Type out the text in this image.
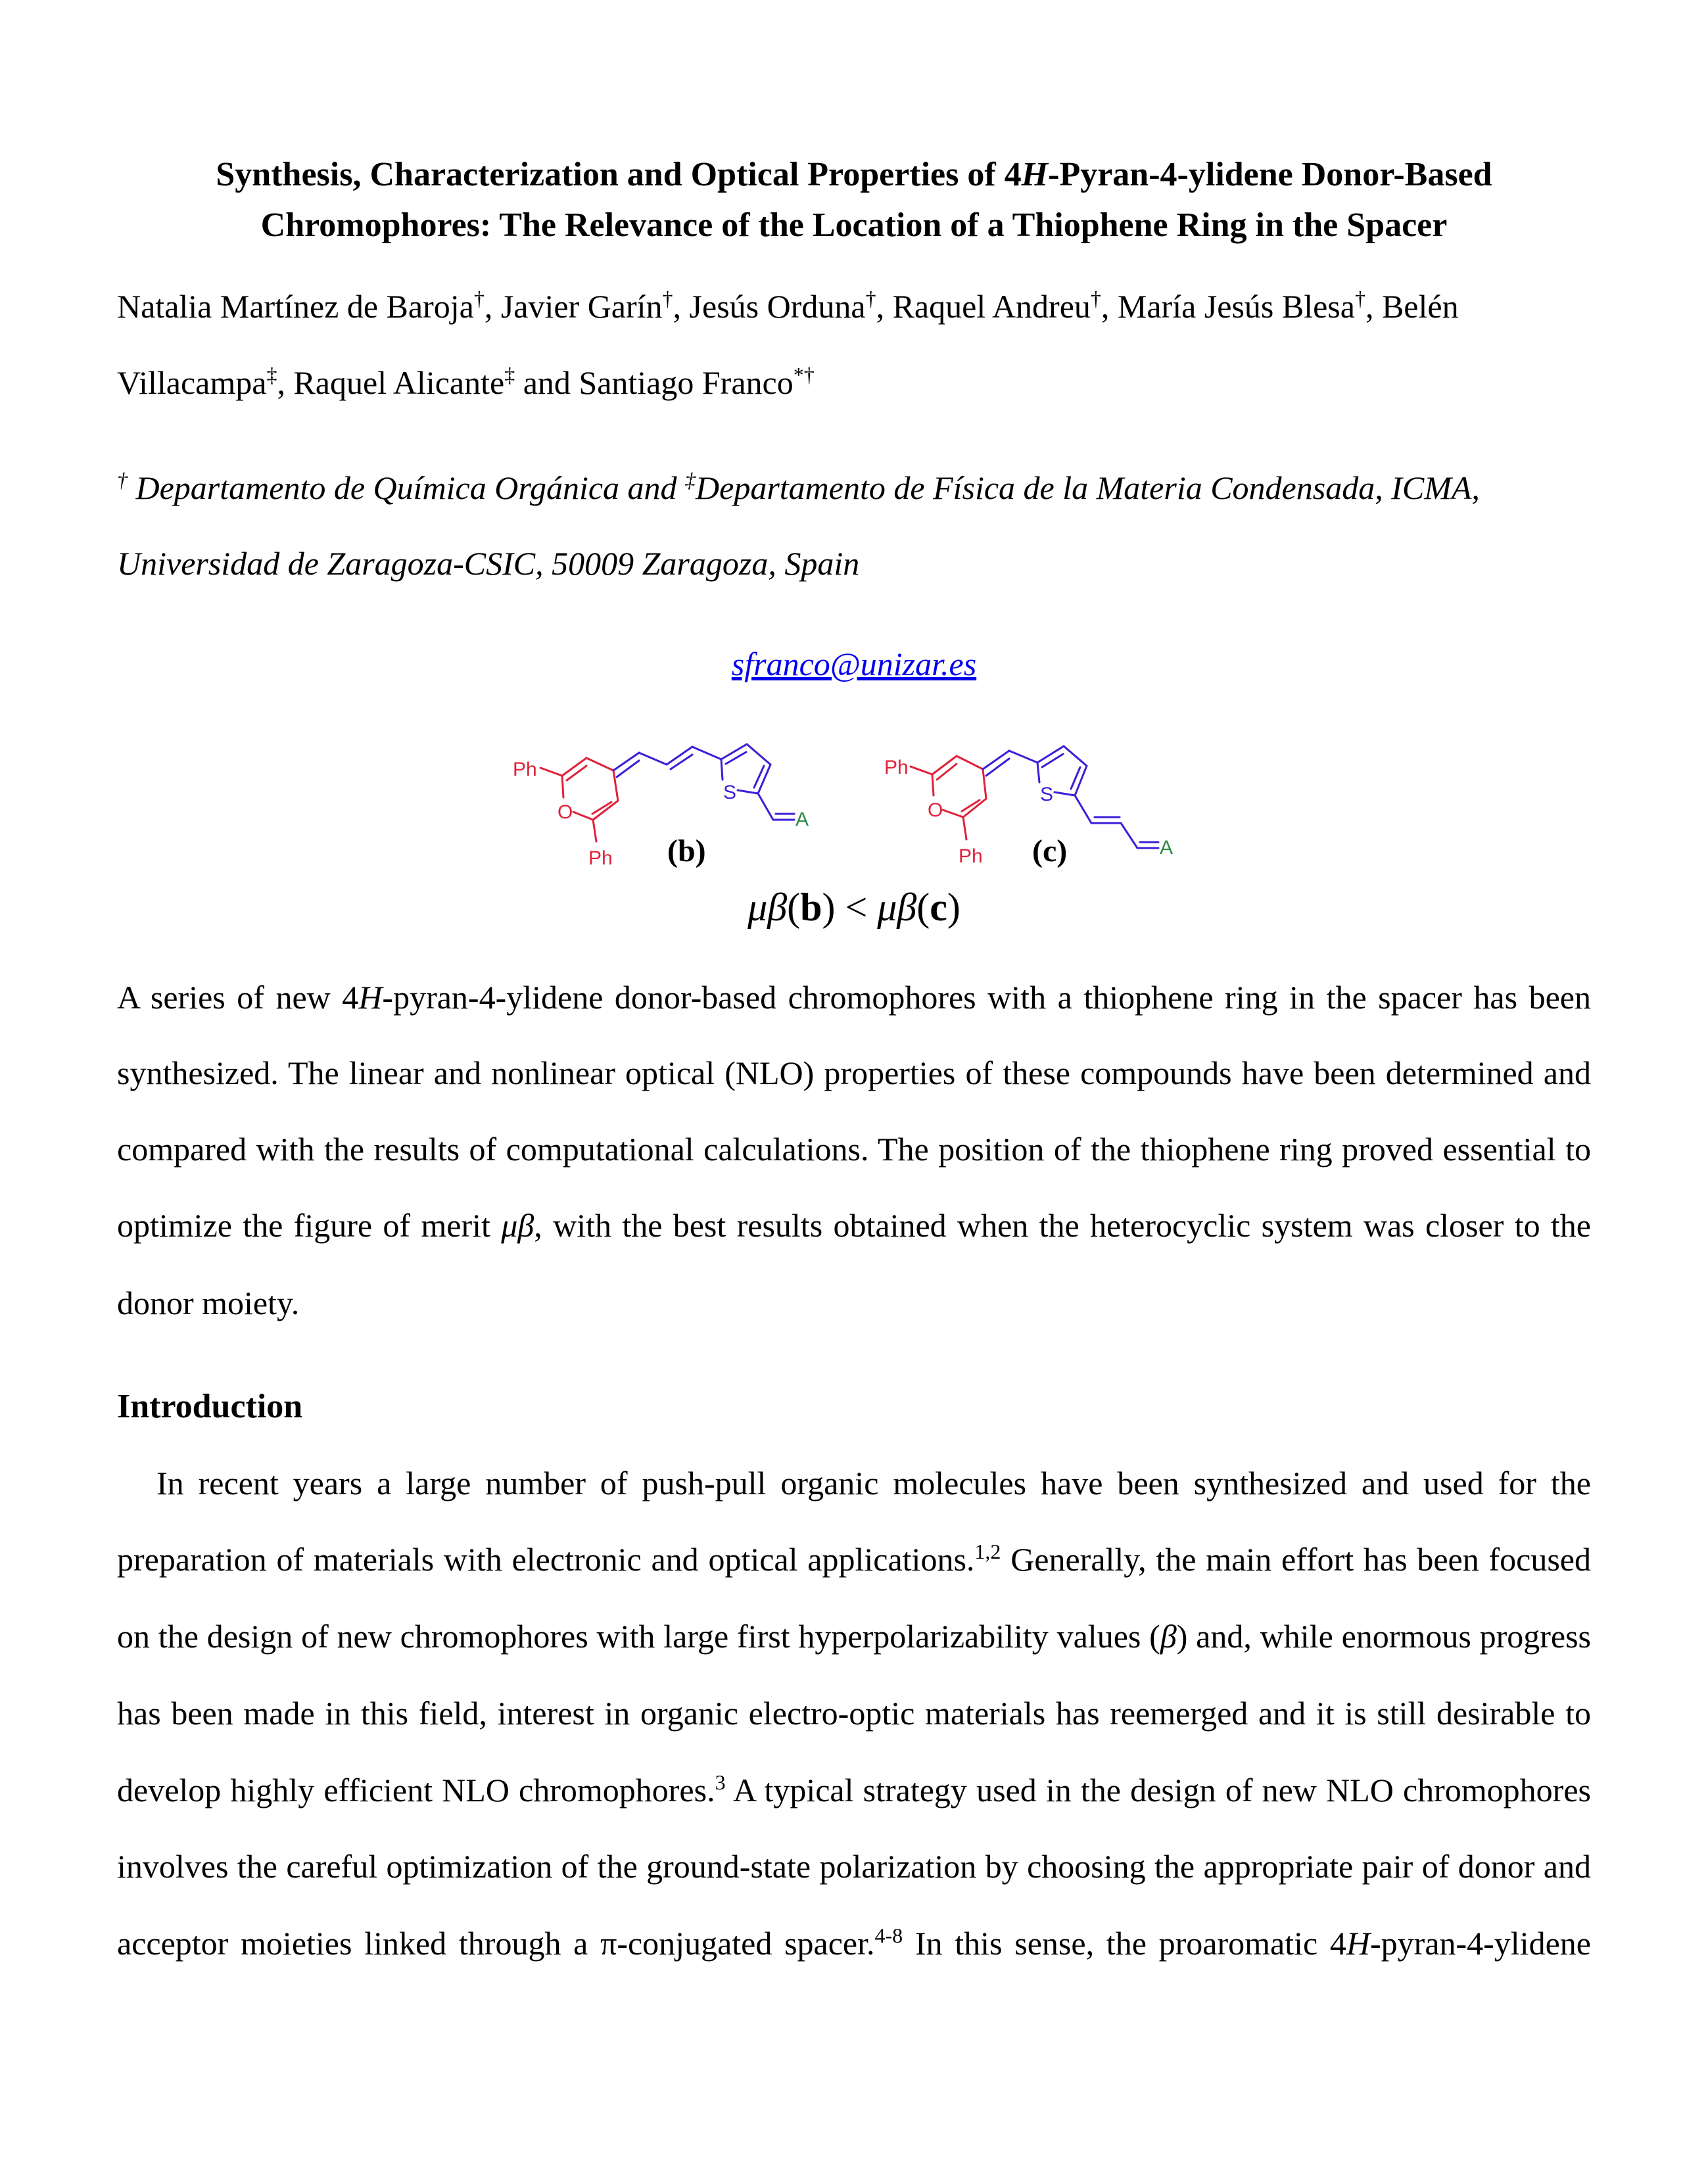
Synthesis, Characterization and Optical Properties of 4H-Pyran-4-ylidene Donor-Based
Chromophores: The Relevance of the Location of a Thiophene Ring in the Spacer
Natalia Martínez de Baroja†, Javier Garín†, Jesús Orduna†, Raquel Andreu†, María Jesús Blesa†, Belén
Villacampa‡, Raquel Alicante‡ and Santiago Franco*†
† Departamento de Química Orgánica and ‡Departamento de Física de la Materia Condensada, ICMA,
Universidad de Zaragoza-CSIC, 50009 Zaragoza, Spain
sfranco@unizar.es
Ph
O
Ph
S
A
(b)
Ph
O
Ph
S
A
(c)
μβ(b) < μβ(c)
A series of new 4H-pyran-4-ylidene donor-based chromophores with a thiophene ring in the spacer has been
synthesized. The linear and nonlinear optical (NLO) properties of these compounds have been determined and
compared with the results of computational calculations. The position of the thiophene ring proved essential to
optimize the figure of merit μβ, with the best results obtained when the heterocyclic system was closer to the
donor moiety.
Introduction
In recent years a large number of push-pull organic molecules have been synthesized and used for the
preparation of materials with electronic and optical applications.$^{1,2}$ Generally, the main effort has been focused
on the design of new chromophores with large first hyperpolarizability values (β) and, while enormous progress
has been made in this field, interest in organic electro-optic materials has reemerged and it is still desirable to
develop highly efficient NLO chromophores.$^3$ A typical strategy used in the design of new NLO chromophores
involves the careful optimization of the ground-state polarization by choosing the appropriate pair of donor and
acceptor moieties linked through a π-conjugated spacer.$^{4-8}$ In this sense, the proaromatic 4H-pyran-4-ylidene
